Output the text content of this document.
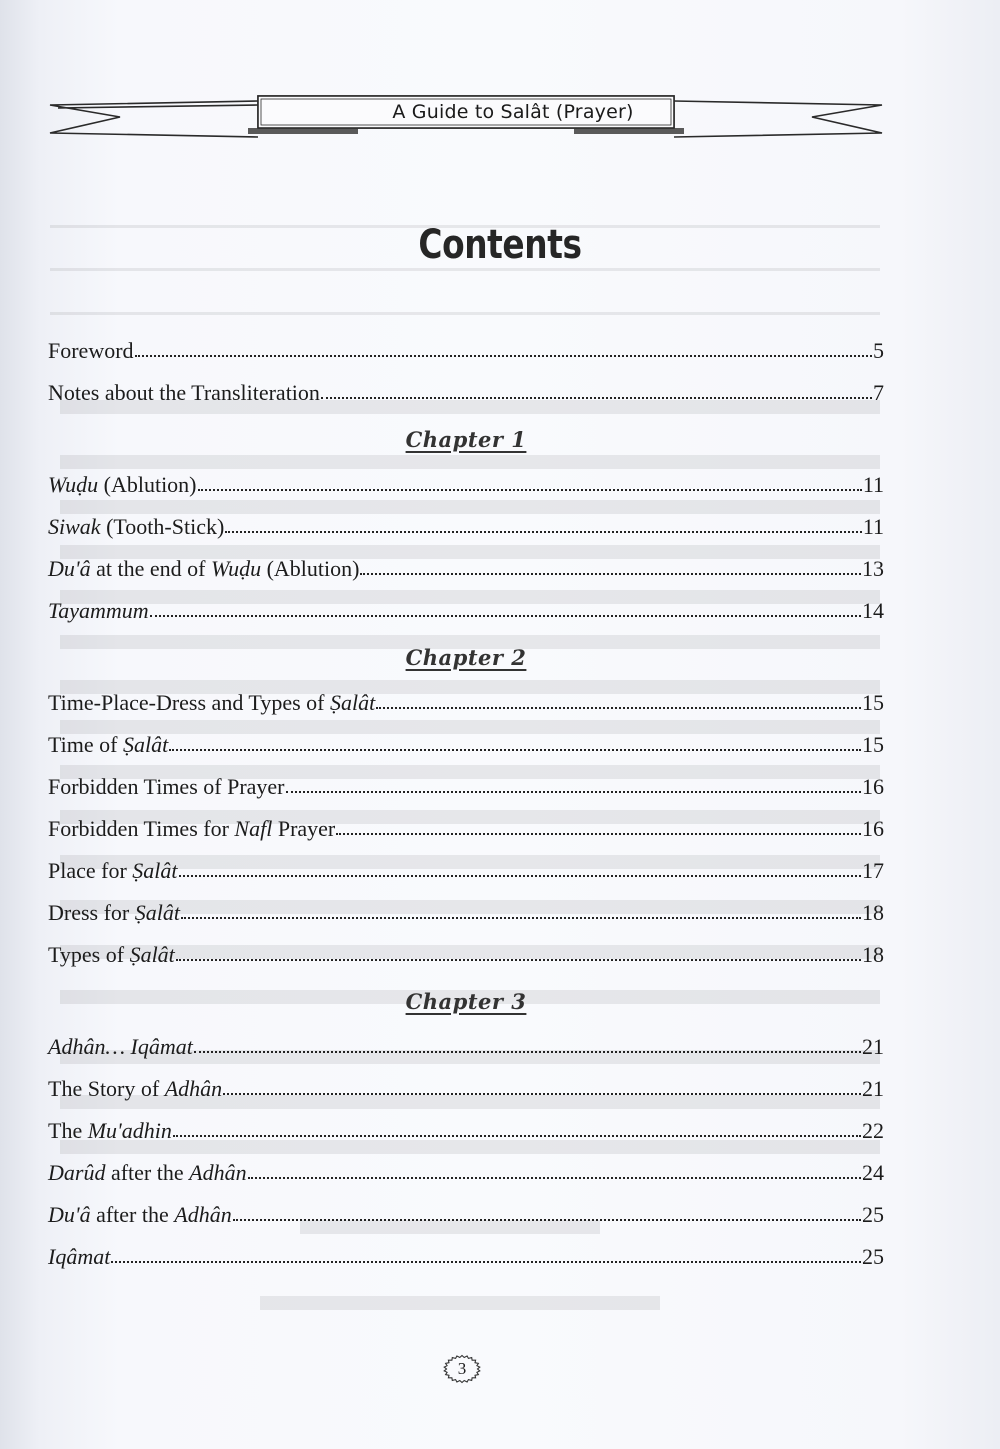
A Guide to Salât (Prayer)
Contents
Foreword	5
Notes about the Transliteration	7
Chapter 1
Wuḍu (Ablution)	11
Siwak (Tooth-Stick)	11
Du'â at the end of Wuḍu (Ablution)	13
Tayammum	14
Chapter 2
Time-Place-Dress and Types of Ṣalât	15
Time of Ṣalât	15
Forbidden Times of Prayer	16
Forbidden Times for Nafl Prayer	16
Place for Ṣalât	17
Dress for Ṣalât	18
Types of Ṣalât	18
Chapter 3
Adhân… Iqâmat	21
The Story of Adhân	21
The Mu'adhin	22
Darûd after the Adhân	24
Du'â after the Adhân	25
Iqâmat	25
3
